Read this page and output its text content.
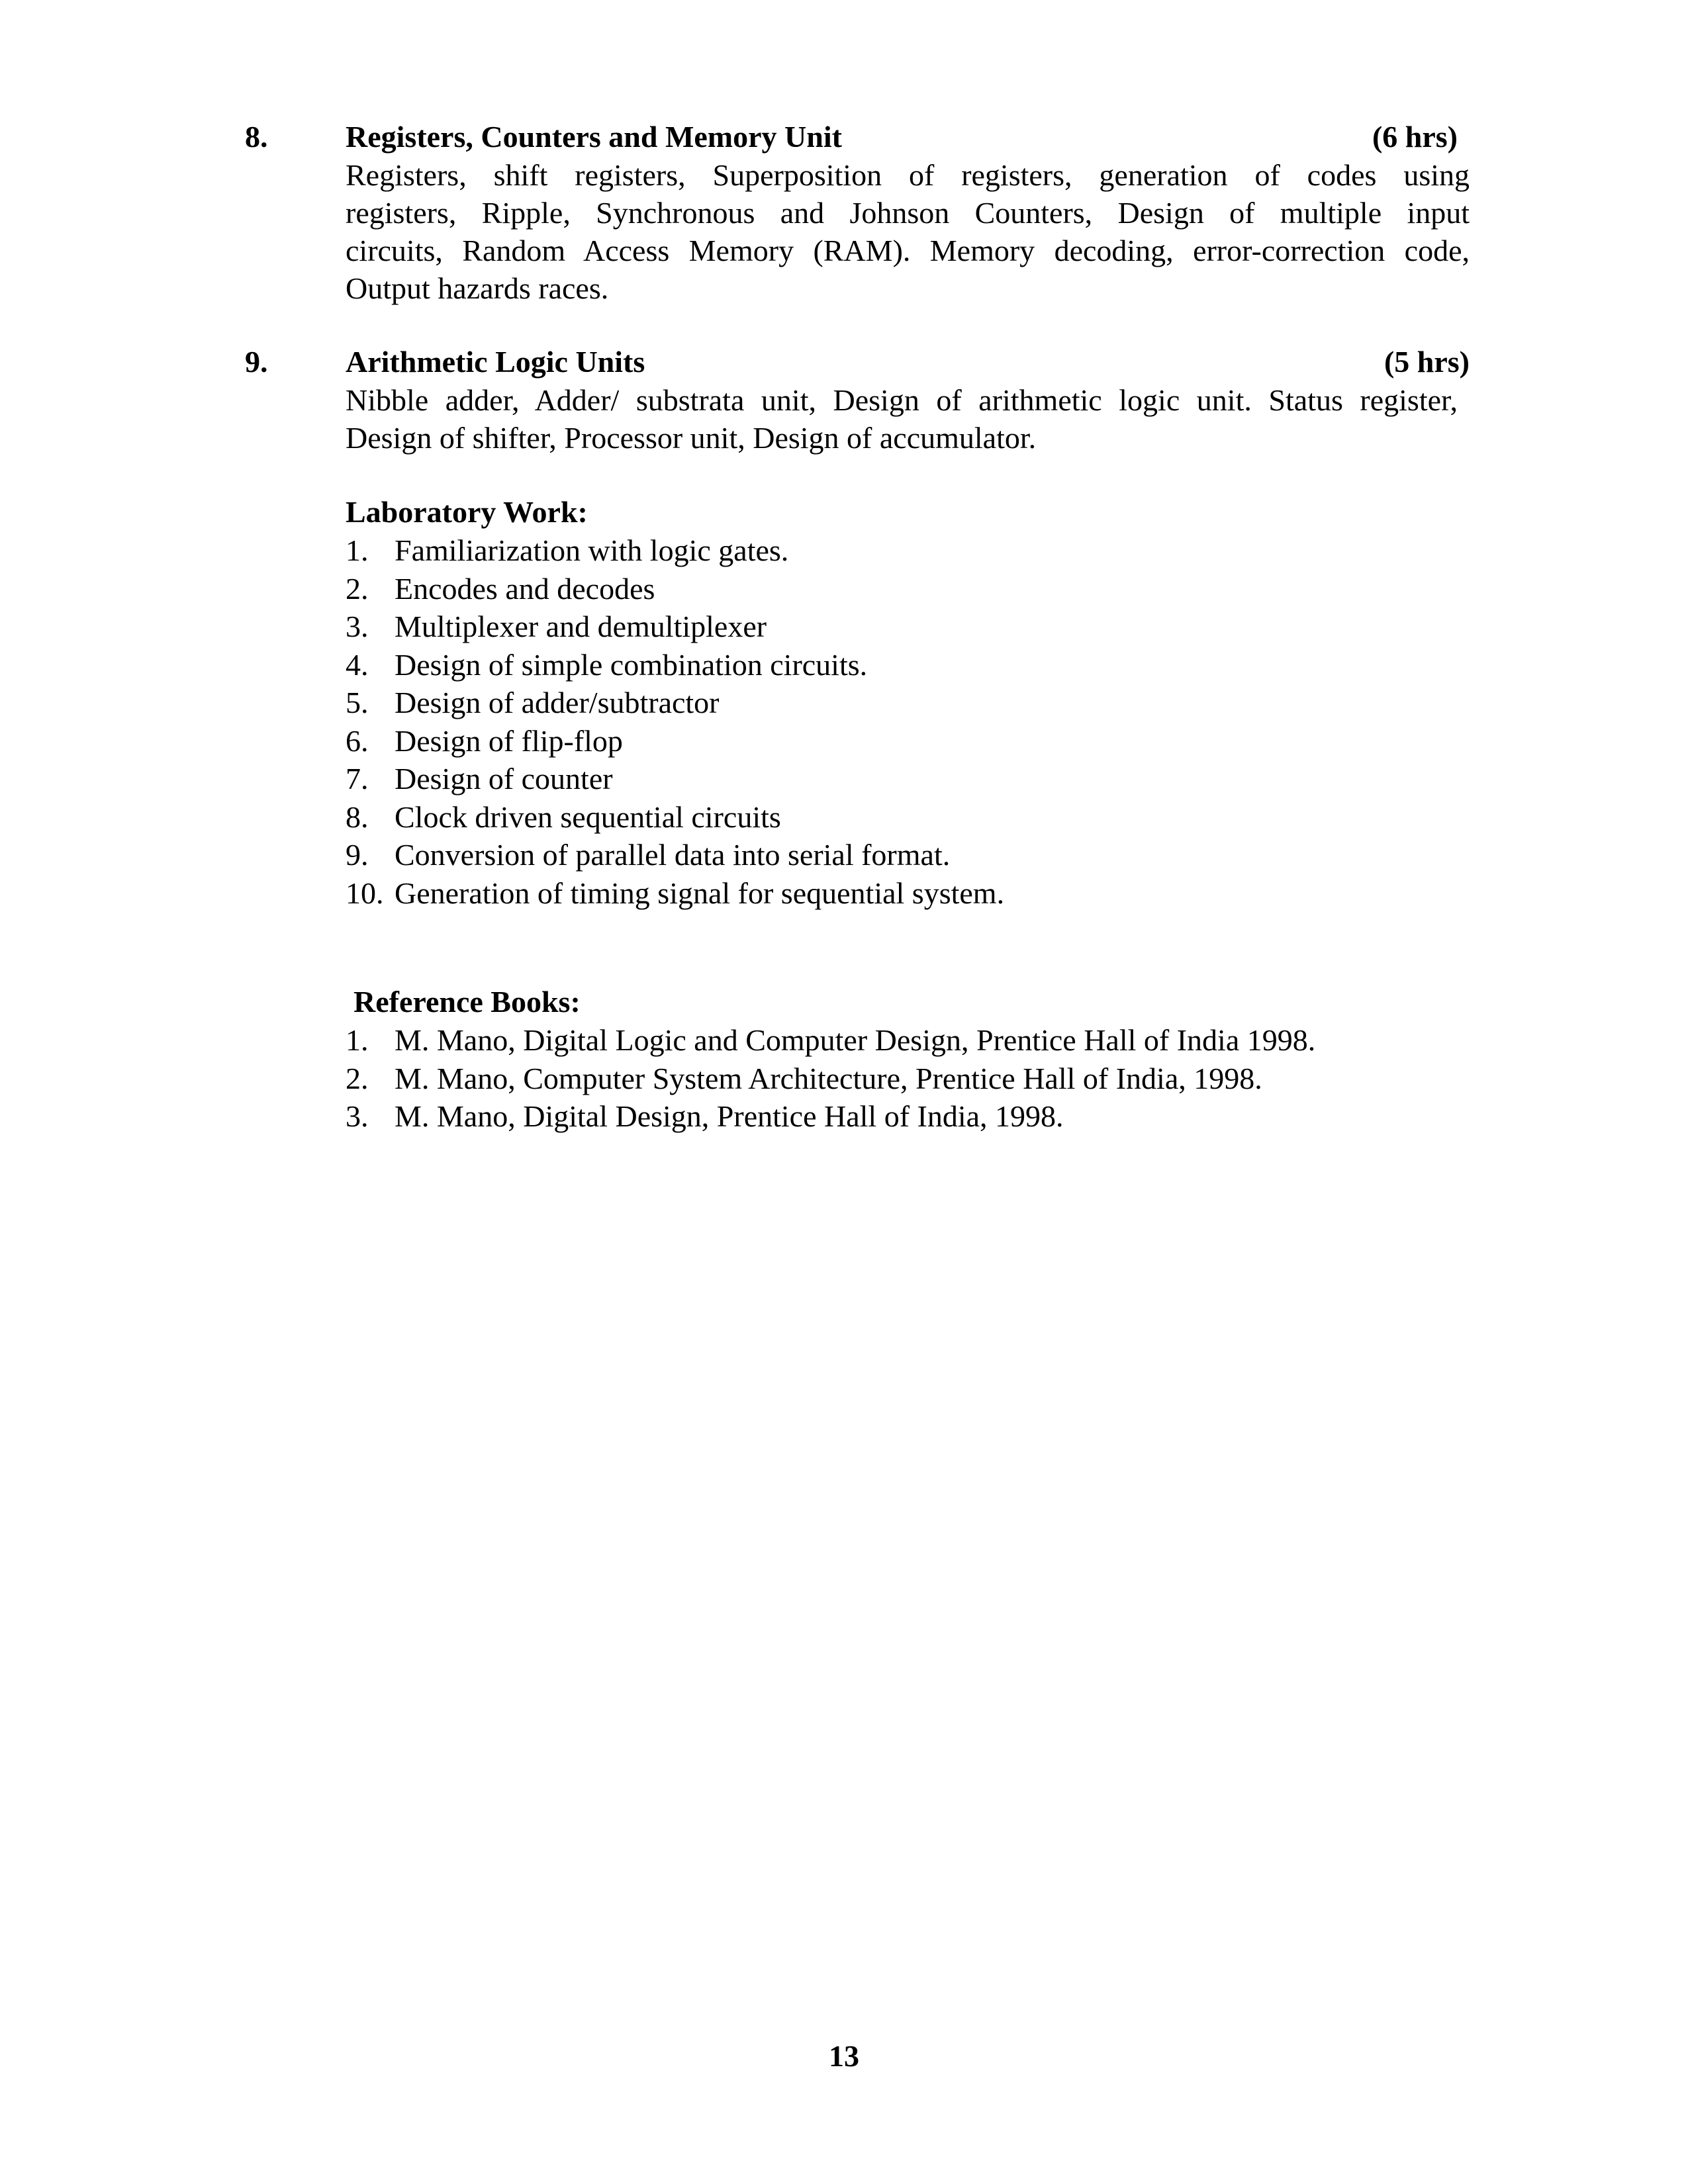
8.	Registers, Counters and Memory Unit	(6 hrs)
Registers, shift registers, Superposition of registers, generation of codes using
registers, Ripple, Synchronous and Johnson Counters, Design of multiple input
circuits, Random Access Memory (RAM). Memory decoding, error-correction code,
Output hazards races.
9.	Arithmetic Logic Units	(5 hrs)
Nibble adder, Adder/ substrata unit, Design of arithmetic logic unit. Status register,
Design of shifter, Processor unit, Design of accumulator.
Laboratory Work:
1. Familiarization with logic gates.
2. Encodes and decodes
3. Multiplexer and demultiplexer
4. Design of simple combination circuits.
5. Design of adder/subtractor
6. Design of flip-flop
7. Design of counter
8. Clock driven sequential circuits
9. Conversion of parallel data into serial format.
10. Generation of timing signal for sequential system.
Reference Books:
1. M. Mano, Digital Logic and Computer Design, Prentice Hall of India 1998.
2. M. Mano, Computer System Architecture, Prentice Hall of India, 1998.
3. M. Mano, Digital Design, Prentice Hall of India, 1998.
13
